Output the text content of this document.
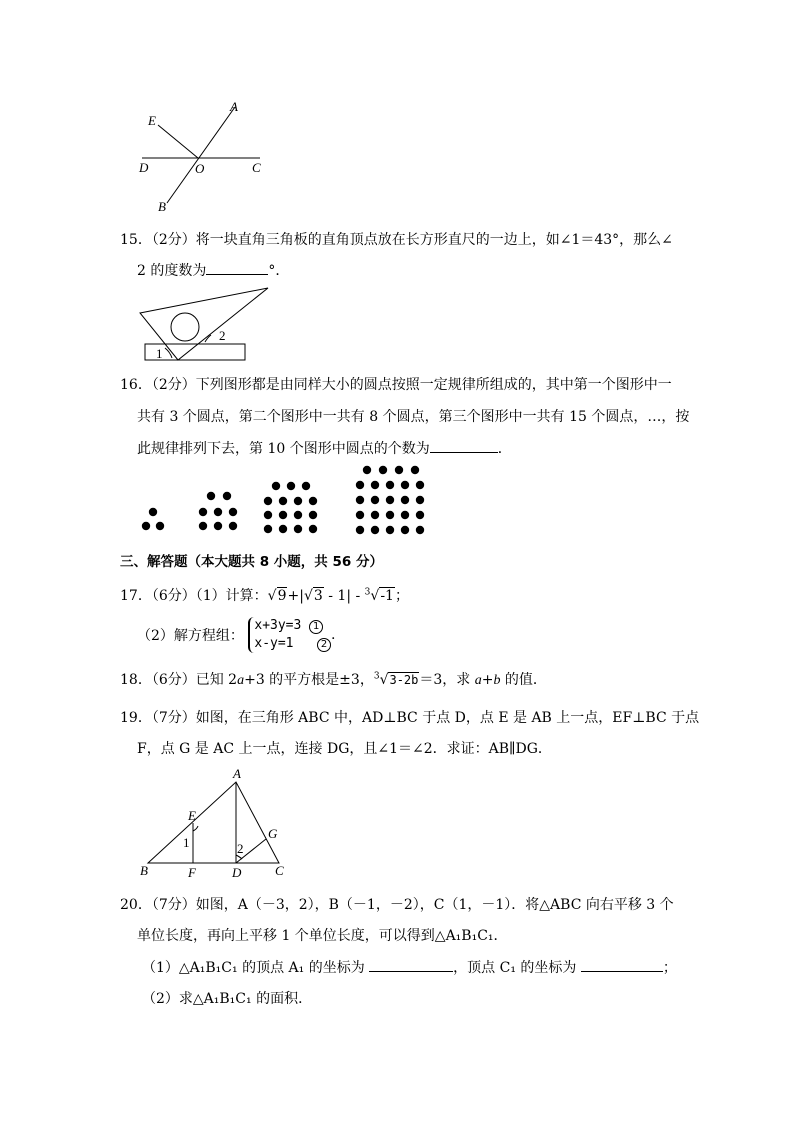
E
A
D	O	C
B
15．（2分）将一块直角三角板的直角顶点放在长方形直尺的一边上，如∠1＝43°，那么∠
2 的度数为	°．
1
2
16．（2分）下列图形都是由同样大小的圆点按照一定规律所组成的，其中第一个图形中一
共有 3 个圆点，第二个图形中一共有 8 个圆点，第三个图形中一共有 15 个圆点，…，按
此规律排列下去，第 10 个图形中圆点的个数为	．
三、解答题（本大题共 8 小题，共 56 分）
17．（6分）（1）计算：√9+|√3 - 1| - $^3$√-1；
（2）解方程组： x+3y=3 1
x-y=1	2.
18．（6分）已知 2a+3 的平方根是±3，$^3$√3-2b＝3，求 a+b 的值．
19．（7分）如图，在三角形 ABC 中，AD⊥BC 于点 D，点 E 是 AB 上一点，EF⊥BC 于点
F，点 G 是 AC 上一点，连接 DG，且∠1＝∠2．求证：AB∥DG．
A
E
G
1	2
B	F	D	C
20．（7分）如图，A（－3，2），B（－1，－2），C（1，－1）．将△ABC 向右平移 3 个
单位长度，再向上平移 1 个单位长度，可以得到△A₁B₁C₁．
（1）△A₁B₁C₁ 的顶点 A₁ 的坐标为	，顶点 C₁ 的坐标为	；
（2）求△A₁B₁C₁ 的面积．
